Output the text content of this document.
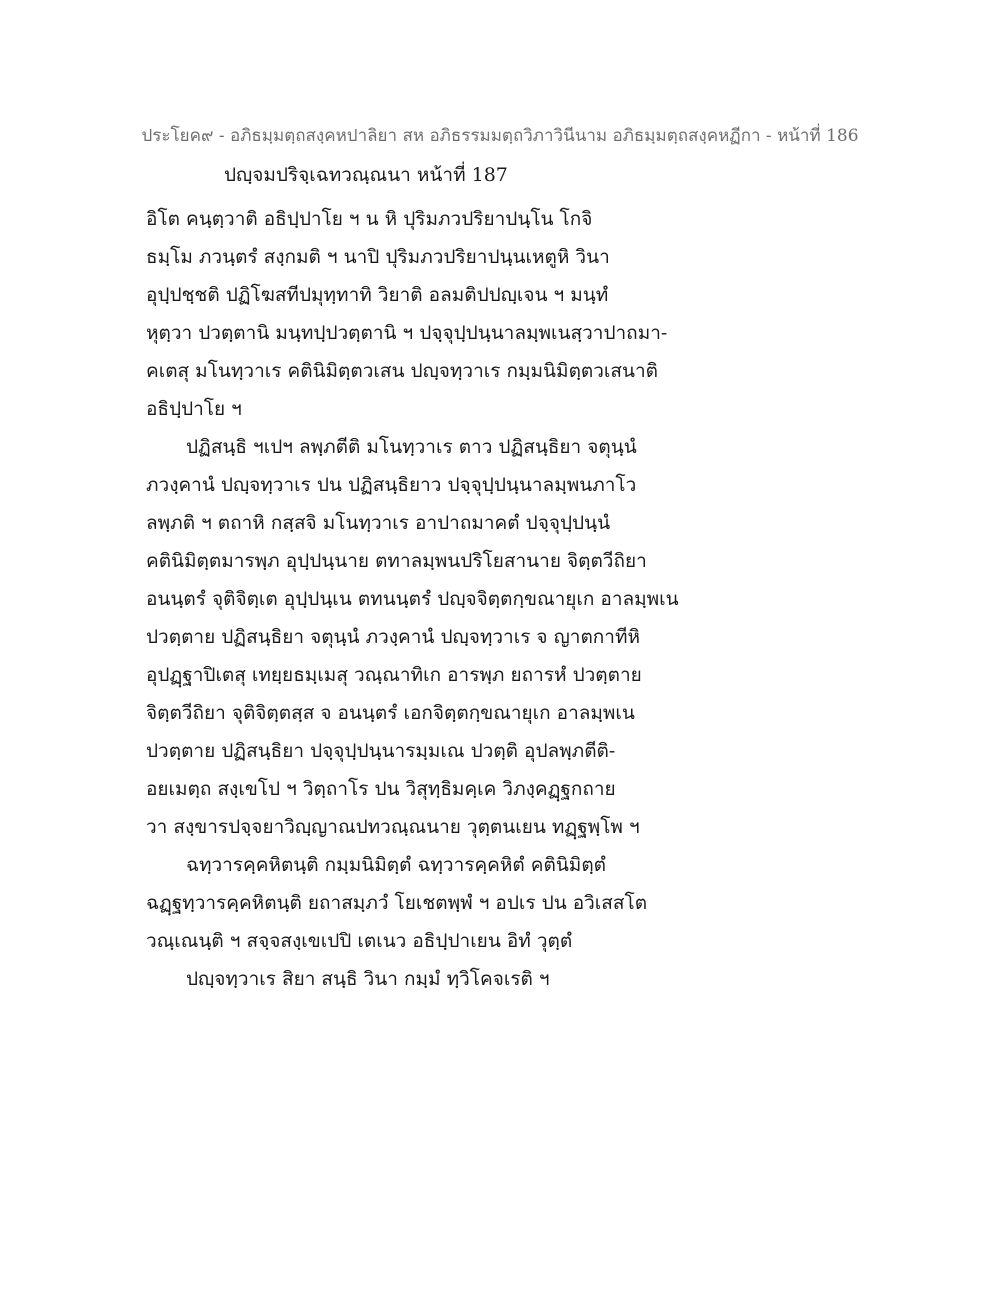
ประโยค๙ - อภิธมฺมตฺถสงฺคหปาลิยา สห อภิธรรมมตฺถวิภาวินีนาม อภิธมฺมตฺถสงฺคหฏีกา - หน้าที่ 186
ปญฺจมปริจฺเฉทวณฺณนา หน้าที่ 187
อิโต คนฺตฺวาติ อธิปฺปาโย ฯ น หิ ปุริมภวปริยาปนฺโน โกจิ
ธมฺโม ภวนฺตรํ สงฺกมติ ฯ นาปิ ปุริมภวปริยาปนฺนเหตูหิ วินา
อุปฺปชฺชติ ปฏิโฆสทีปมุทฺทาทิ วิยาติ อลมติปปญฺเจน ฯ มนฺทํ
หุตฺวา ปวตฺตานิ มนฺทปฺปวตฺตานิ ฯ ปจฺจุปฺปนฺนาลมฺพเนสฺวาปาถมา-
คเตสุ มโนทฺวาเร คตินิมิตฺตวเสน ปญฺจทฺวาเร กมฺมนิมิตฺตวเสนาติ
อธิปฺปาโย ฯ
ปฏิสนฺธิ ฯเปฯ ลพฺภตีติ มโนทฺวาเร ตาว ปฏิสนฺธิยา จตุนฺนํ
ภวงฺคานํ ปญฺจทฺวาเร ปน ปฏิสนฺธิยาว ปจฺจุปฺปนฺนาลมฺพนภาโว
ลพฺภติ ฯ ตถาหิ กสฺสจิ มโนทฺวาเร อาปาถมาคตํ ปจฺจุปฺปนฺนํ
คตินิมิตฺตมารพฺภ อุปฺปนฺนาย ตทาลมฺพนปริโยสานาย จิตฺตวีถิยา
อนนฺตรํ จุติจิตฺเต อุปฺปนฺเน ตทนนฺตรํ ปญฺจจิตฺตกฺขณายุเก อาลมฺพเน
ปวตฺตาย ปฏิสนฺธิยา จตุนฺนํ ภวงฺคานํ ปญฺจทฺวาเร จ ญาตกาทีหิ
อุปฏฺฐาปิเตสุ เทยฺยธมฺเมสุ วณฺณาทิเก อารพฺภ ยถารหํ ปวตฺตาย
จิตฺตวีถิยา จุติจิตฺตสฺส จ อนนฺตรํ เอกจิตฺตกฺขณายุเก อาลมฺพเน
ปวตฺตาย ปฏิสนฺธิยา ปจฺจุปฺปนฺนารมฺมเณ ปวตฺติ อุปลพฺภตีติ-
อยเมตฺถ สงฺเขโป ฯ วิตฺถาโร ปน วิสุทฺธิมคฺเค วิภงฺคฏฺฐกถาย
วา สงฺขารปจฺจยาวิญฺญาณปทวณฺณนาย วุตฺตนเยน ทฏฺฐพฺโพ ฯ
ฉทฺวารคฺคหิตนฺติ กมฺมนิมิตฺตํ ฉทฺวารคฺคหิตํ คตินิมิตฺตํ
ฉฏฺฐทฺวารคฺคหิตนฺติ ยถาสมฺภวํ โยเชตพฺพํ ฯ อปเร ปน อวิเสสโต
วณฺเณนฺติ ฯ สจฺจสงฺเขเปปิ เตเนว อธิปฺปาเยน อิทํ วุตฺตํ
ปญฺจทฺวาเร สิยา สนฺธิ วินา กมฺมํ ทฺวิโคจเรติ ฯ
